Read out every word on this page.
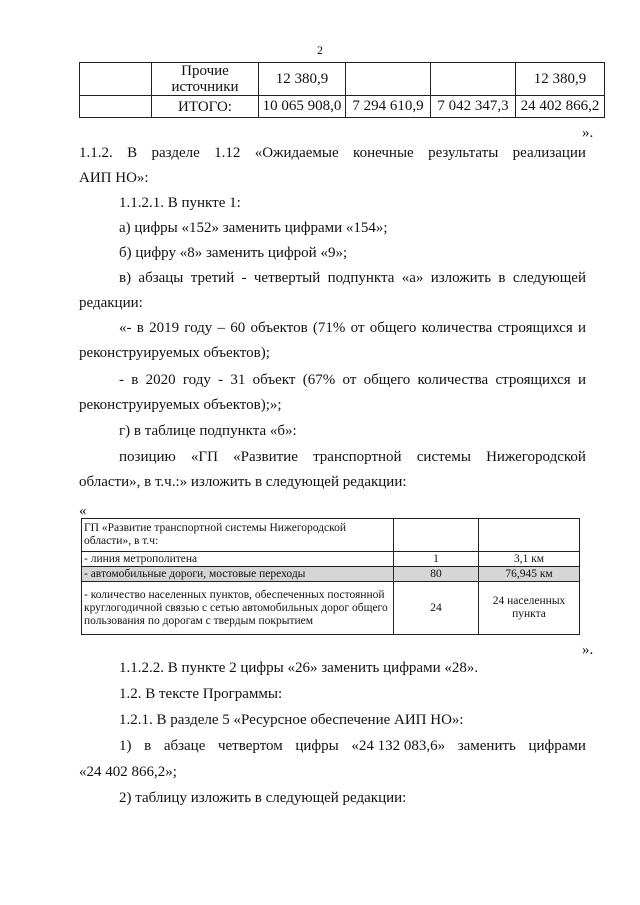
2
	Прочие источники	12 380,9			12 380,9
	ИТОГО:	10 065 908,0	7 294 610,9	7 042 347,3	24 402 866,2
».
1.1.2. В разделе 1.12 «Ожидаемые конечные результаты реализации
АИП НО»:
1.1.2.1. В пункте 1:
а) цифры «152» заменить цифрами «154»;
б) цифру «8» заменить цифрой «9»;
в) абзацы третий - четвертый подпункта «а» изложить в следующей
редакции:
«- в 2019 году – 60 объектов (71% от общего количества строящихся и
реконструируемых объектов);
- в 2020 году - 31 объект (67% от общего количества строящихся и
реконструируемых объектов);»;
г) в таблице подпункта «б»:
позицию «ГП «Развитие транспортной системы Нижегородской
области», в т.ч.:» изложить в следующей редакции:
«
ГП «Развитие транспортной системы Нижегородской области», в т.ч:		
- линия метрополитена	1	3,1 км
- автомобильные дороги, мостовые переходы	80	76,945 км
- количество населенных пунктов, обеспеченных постоянной круглогодичной связью с сетью автомобильных дорог общего пользования по дорогам с твердым покрытием	24	24 населенных пункта
».
1.1.2.2. В пункте 2 цифры «26» заменить цифрами «28».
1.2. В тексте Программы:
1.2.1. В разделе 5 «Ресурсное обеспечение АИП НО»:
1) в абзаце четвертом цифры «24 132 083,6» заменить цифрами
«24 402 866,2»;
2) таблицу изложить в следующей редакции:
